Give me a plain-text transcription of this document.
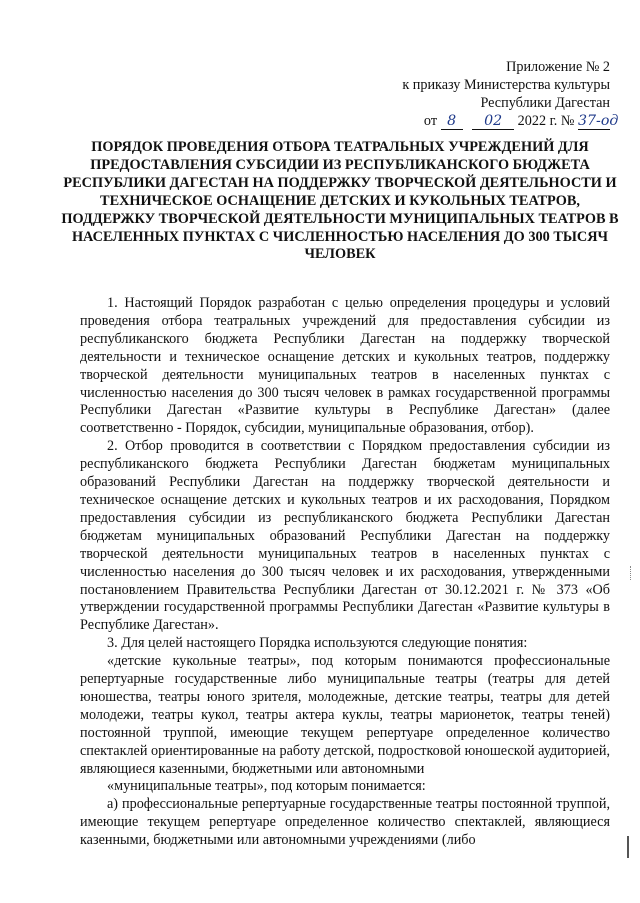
Приложение № 2
к приказу Министерства культуры
Республики Дагестан
от 8 02 2022 г. № 37-од
ПОРЯДОК ПРОВЕДЕНИЯ ОТБОРА ТЕАТРАЛЬНЫХ УЧРЕЖДЕНИЙ ДЛЯ ПРЕДОСТАВЛЕНИЯ СУБСИДИИ ИЗ РЕСПУБЛИКАНСКОГО БЮДЖЕТА РЕСПУБЛИКИ ДАГЕСТАН НА ПОДДЕРЖКУ ТВОРЧЕСКОЙ ДЕЯТЕЛЬНОСТИ И ТЕХНИЧЕСКОЕ ОСНАЩЕНИЕ ДЕТСКИХ И КУКОЛЬНЫХ ТЕАТРОВ, ПОДДЕРЖКУ ТВОРЧЕСКОЙ ДЕЯТЕЛЬНОСТИ МУНИЦИПАЛЬНЫХ ТЕАТРОВ В НАСЕЛЕННЫХ ПУНКТАХ С ЧИСЛЕННОСТЬЮ НАСЕЛЕНИЯ ДО 300 ТЫСЯЧ ЧЕЛОВЕК

1. Настоящий Порядок разработан с целью определения процедуры и условий проведения отбора театральных учреждений для предоставления субсидии из республиканского бюджета Республики Дагестан на поддержку творческой деятельности и техническое оснащение детских и кукольных театров, поддержку творческой деятельности муниципальных театров в населенных пунктах с численностью населения до 300 тысяч человек в рамках государственной программы Республики Дагестан «Развитие культуры в Республике Дагестан» (далее соответственно - Порядок, субсидии, муниципальные образования, отбор).

2. Отбор проводится в соответствии с Порядком предоставления субсидии из республиканского бюджета Республики Дагестан бюджетам муниципальных образований Республики Дагестан на поддержку творческой деятельности и техническое оснащение детских и кукольных театров и их расходования, Порядком предоставления субсидии из республиканского бюджета Республики Дагестан бюджетам муниципальных образований Республики Дагестан на поддержку творческой деятельности муниципальных театров в населенных пунктах с численностью населения до 300 тысяч человек и их расходования, утвержденными постановлением Правительства Республики Дагестан от 30.12.2021 г. № 373 «Об утверждении государственной программы Республики Дагестан «Развитие культуры в Республике Дагестан».

3. Для целей настоящего Порядка используются следующие понятия:

«детские кукольные театры», под которым понимаются профессиональные репертуарные государственные либо муниципальные театры (театры для детей юношества, театры юного зрителя, молодежные, детские театры, театры для детей молодежи, театры кукол, театры актера куклы, театры марионеток, театры теней) постоянной труппой, имеющие текущем репертуаре определенное количество спектаклей ориентированные на работу детской, подростковой юношеской аудиторией, являющиеся казенными, бюджетными или автономными

«муниципальные театры», под которым понимается:

а) профессиональные репертуарные государственные театры постоянной труппой, имеющие текущем репертуаре определенное количество спектаклей, являющиеся казенными, бюджетными или автономными учреждениями (либо
